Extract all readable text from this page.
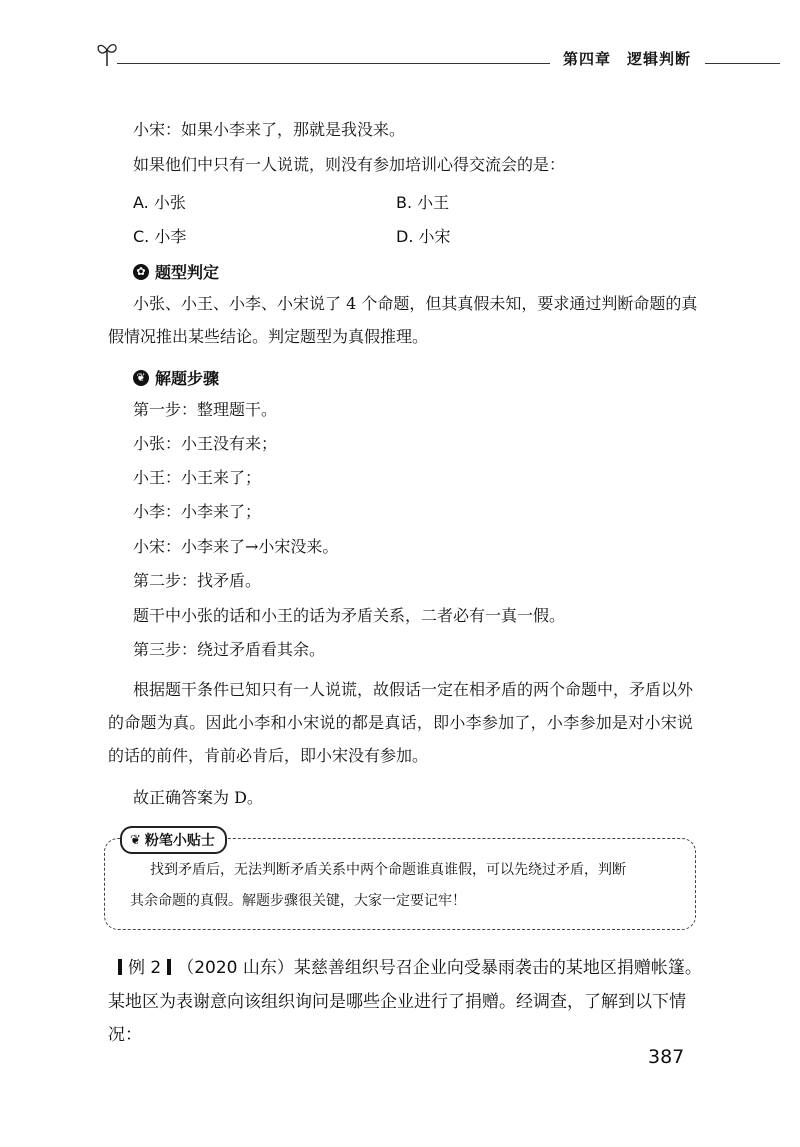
第四章 逻辑判断
小宋：如果小李来了，那就是我没来。
如果他们中只有一人说谎，则没有参加培训心得交流会的是：
A. 小张	B. 小王
C. 小李	D. 小宋
✿ 题型判定
小张、小王、小李、小宋说了 4 个命题，但其真假未知，要求通过判断命题的真
假情况推出某些结论。判定题型为真假推理。
❦ 解题步骤
第一步：整理题干。
小张：小王没有来；
小王：小王来了；
小李：小李来了；
小宋：小李来了→小宋没来。
第二步：找矛盾。
题干中小张的话和小王的话为矛盾关系，二者必有一真一假。
第三步：绕过矛盾看其余。
根据题干条件已知只有一人说谎，故假话一定在相矛盾的两个命题中，矛盾以外的命题为真。因此小李和小宋说的都是真话，即小李参加了，小李参加是对小宋说的话的前件，肯前必肯后，即小宋没有参加。
故正确答案为 D。
❦ 粉笔小贴士
找到矛盾后，无法判断矛盾关系中两个命题谁真谁假，可以先绕过矛盾，判断
其余命题的真假。解题步骤很关键，大家一定要记牢！
例 2 （2020 山东）某慈善组织号召企业向受暴雨袭击的某地区捐赠帐篷。
某地区为表谢意向该组织询问是哪些企业进行了捐赠。经调查，了解到以下情况：
387
